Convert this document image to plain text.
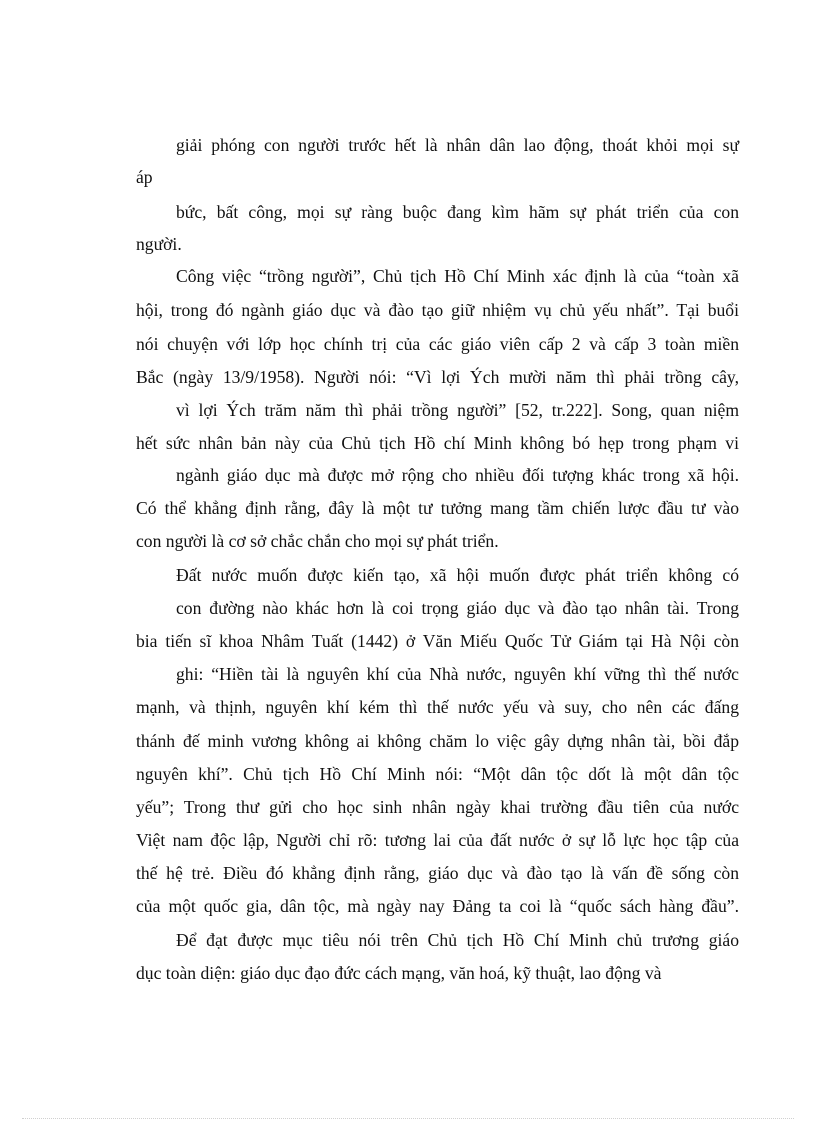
giải phóng con người trước hết là nhân dân lao động, thoát khỏi mọi sự

áp

bức, bất công, mọi sự ràng buộc đang kìm hãm sự phát triển của con

người.

Công việc “trồng người”, Chủ tịch Hồ Chí Minh xác định là của “toàn xã

hội, trong đó ngành giáo dục và đào tạo giữ nhiệm vụ chủ yếu nhất”. Tại buổi

nói chuyện với lớp học chính trị của các giáo viên cấp 2 và cấp 3 toàn miền

Bắc (ngày 13/9/1958). Người nói: “Vì lợi Ých mười năm thì phải trồng cây,

vì lợi Ých trăm năm thì phải trồng người” [52, tr.222]. Song, quan niệm

hết sức nhân bản này của Chủ tịch Hồ chí Minh không bó hẹp trong phạm vi

ngành giáo dục mà được mở rộng cho nhiều đối tượng khác trong xã hội.

Có thể khẳng định rằng, đây là một tư tưởng mang tầm chiến lược đầu tư vào

con người là cơ sở chắc chắn cho mọi sự phát triển.

Đất nước muốn được kiến tạo, xã hội muốn được phát triển không có

con đường nào khác hơn là coi trọng giáo dục và đào tạo nhân tài. Trong

bia tiến sĩ khoa Nhâm Tuất (1442) ở Văn Miếu Quốc Tử Giám tại Hà Nội còn

ghi: “Hiền tài là nguyên khí của Nhà nước, nguyên khí vững thì thế nước

mạnh, và thịnh, nguyên khí kém thì thế nước yếu và suy, cho nên các đấng

thánh đế minh vương không ai không chăm lo việc gây dựng nhân tài, bồi đắp

nguyên khí”. Chủ tịch Hồ Chí Minh nói: “Một dân tộc dốt là một dân tộc

yếu”; Trong thư gửi cho học sinh nhân ngày khai trường đầu tiên của nước

Việt nam độc lập, Người chỉ rõ: tương lai của đất nước ở sự lỗ lực học tập của

thế hệ trẻ. Điều đó khẳng định rằng, giáo dục và đào tạo là vấn đề sống còn

của một quốc gia, dân tộc, mà ngày nay Đảng ta coi là “quốc sách hàng đầu”.

Để đạt được mục tiêu nói trên Chủ tịch Hồ Chí Minh chủ trương giáo

dục toàn diện: giáo dục đạo đức cách mạng, văn hoá, kỹ thuật, lao động và
